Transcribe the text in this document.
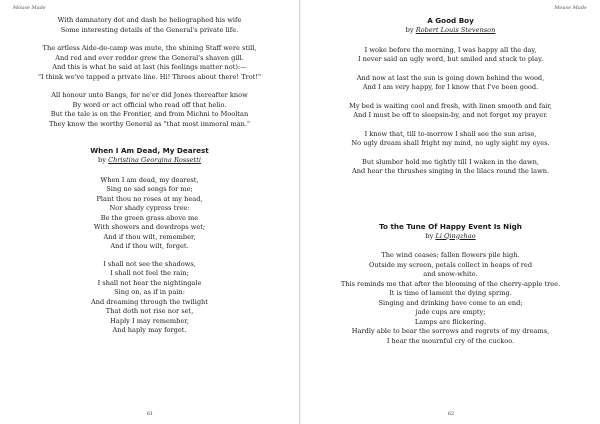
Mouse Made
With damnatory dot and dash he heliographed his wife
Some interesting details of the General's private life.
The artless Aide-de-camp was mute, the shining Staff were still,
And red and ever redder grew the General's shaven gill.
And this is what he said at last (his feelings matter not):—
"I think we've tapped a private line. Hi! Threes about there! Trot!"
All honour unto Bangs, for ne'er did Jones thereafter know
By word or act official who read off that helio.
But the tale is on the Frontier, and from Michni to Mooltan
They know the worthy General as "that most immoral man."
When I Am Dead, My Dearest
by Christina Georgina Rossetti
When I am dead, my dearest,
Sing no sad songs for me;
Plant thou no roses at my head,
Nor shady cypress tree:
Be the green grass above me
With showers and dewdrops wet;
And if thou wilt, remember,
And if thou wilt, forget.
I shall not see the shadows,
I shall not feel the rain;
I shall not hear the nightingale
Sing on, as if in pain:
And dreaming through the twilight
That doth not rise nor set,
Haply I may remember,
And haply may forget.
61
Mouse Made
A Good Boy
by Robert Louis Stevenson
I woke before the morning, I was happy all the day,
I never said an ugly word, but smiled and stuck to play.
And now at last the sun is going down behind the wood,
And I am very happy, for I know that I've been good.
My bed is waiting cool and fresh, with linen smooth and fair,
And I must be off to sleepsin-by, and not forget my prayer.
I know that, till to-morrow I shall see the sun arise,
No ugly dream shall fright my mind, no ugly sight my eyes.
But slumber hold me tightly till I waken in the dawn,
And hear the thrushes singing in the lilacs round the lawn.
To the Tune Of Happy Event Is Nigh
by Li Qingzhao
The wind ceases; fallen flowers pile high.
Outside my screen, petals collect in heaps of red
and snow-white.
This reminds me that after the blooming of the cherry-apple tree.
It is time of lament the dying spring.
Singing and drinking have come to an end;
jade cups are empty;
Lamps are flickering.
Hardly able to bear the sorrows and regrets of my dreams,
I hear the mournful cry of the cuckoo.
62
